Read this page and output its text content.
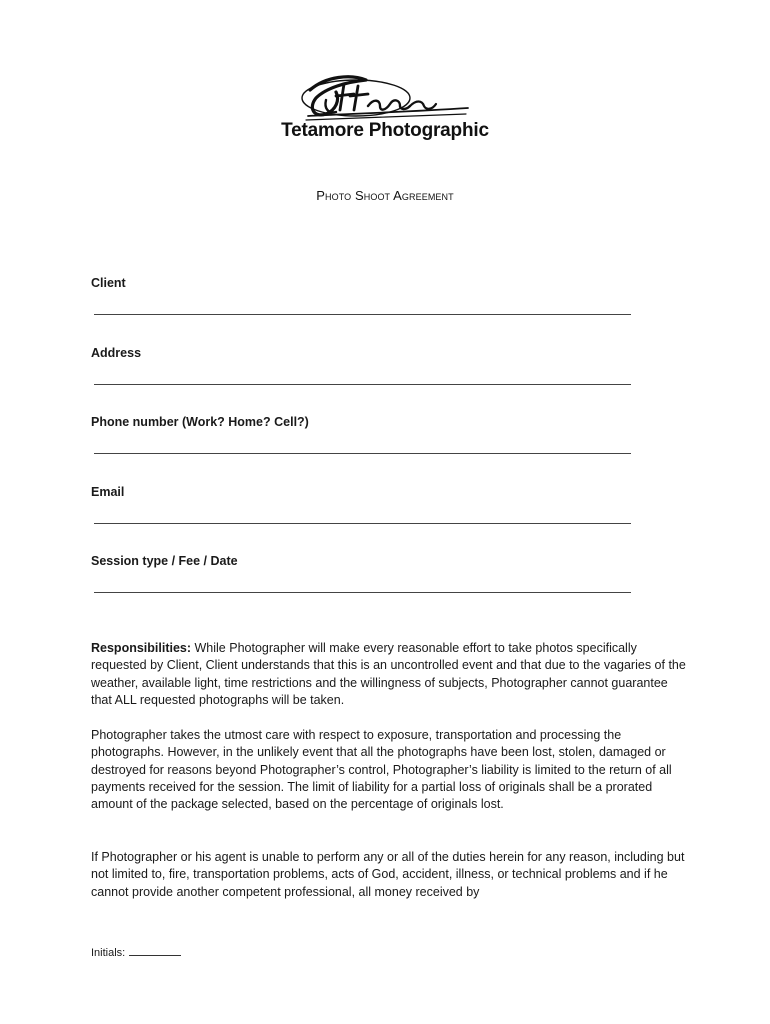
Tetamore Photographic
Photo Shoot Agreement
Client
Address
Phone number (Work? Home? Cell?)
Email
Session type / Fee / Date
Responsibilities: While Photographer will make every reasonable effort to take photos specifically requested by Client, Client understands that this is an uncontrolled event and that due to the vagaries of the weather, available light, time restrictions and the willingness of subjects, Photographer cannot guarantee that ALL requested photographs will be taken.
Photographer takes the utmost care with respect to exposure, transportation and processing the photographs. However, in the unlikely event that all the photographs have been lost, stolen, damaged or destroyed for reasons beyond Photographer’s control, Photographer’s liability is limited to the return of all payments received for the session. The limit of liability for a partial loss of originals shall be a prorated amount of the package selected, based on the percentage of originals lost.
If Photographer or his agent is unable to perform any or all of the duties herein for any reason, including but not limited to, fire, transportation problems, acts of God, accident, illness, or technical problems and if he cannot provide another competent professional, all money received by
Initials:
